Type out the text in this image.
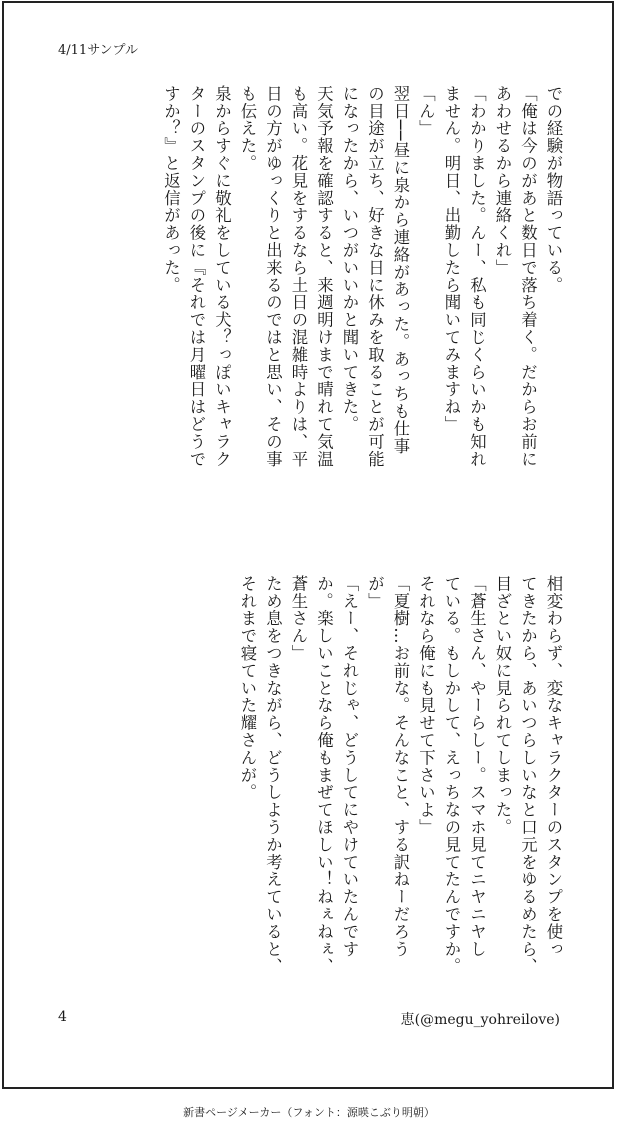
4/11サンプル
での経験が物語っている。
「俺は今のがあと数日で落ち着く。だからお前に
あわせるから連絡くれ」
「わかりました。んー、私も同じくらいかも知れ
ません。明日、出勤したら聞いてみますね」
「ん」
翌日──昼に泉から連絡があった。あっちも仕事
の目途が立ち、好きな日に休みを取ることが可能
になったから、いつがいいかと聞いてきた。
天気予報を確認すると、来週明けまで晴れて気温
も高い。花見をするなら土日の混雑時よりは、平
日の方がゆっくりと出来るのではと思い、その事
も伝えた。
泉からすぐに敬礼をしている犬？っぽいキャラク
ターのスタンプの後に『それでは月曜日はどうで
すか？』と返信があった。
相変わらず、変なキャラクターのスタンプを使っ
てきたから、あいつらしいなと口元をゆるめたら、
目ざとい奴に見られてしまった。
「蒼生さん、やーらしー。スマホ見てニヤニヤし
ている。もしかして、えっちなの見てたんですか。
それなら俺にも見せて下さいよ」
「夏樹…お前な。そんなこと、する訳ねーだろう
が」
「えー、それじゃ、どうしてにやけていたんです
か。楽しいことなら俺もまぜてほしい！ねぇねぇ、
蒼生さん」
ため息をつきながら、どうしようか考えていると、
それまで寝ていた耀さんが。
4	恵(@megu_yohreilove)
新書ページメーカー（フォント：源暎こぶり明朝）
